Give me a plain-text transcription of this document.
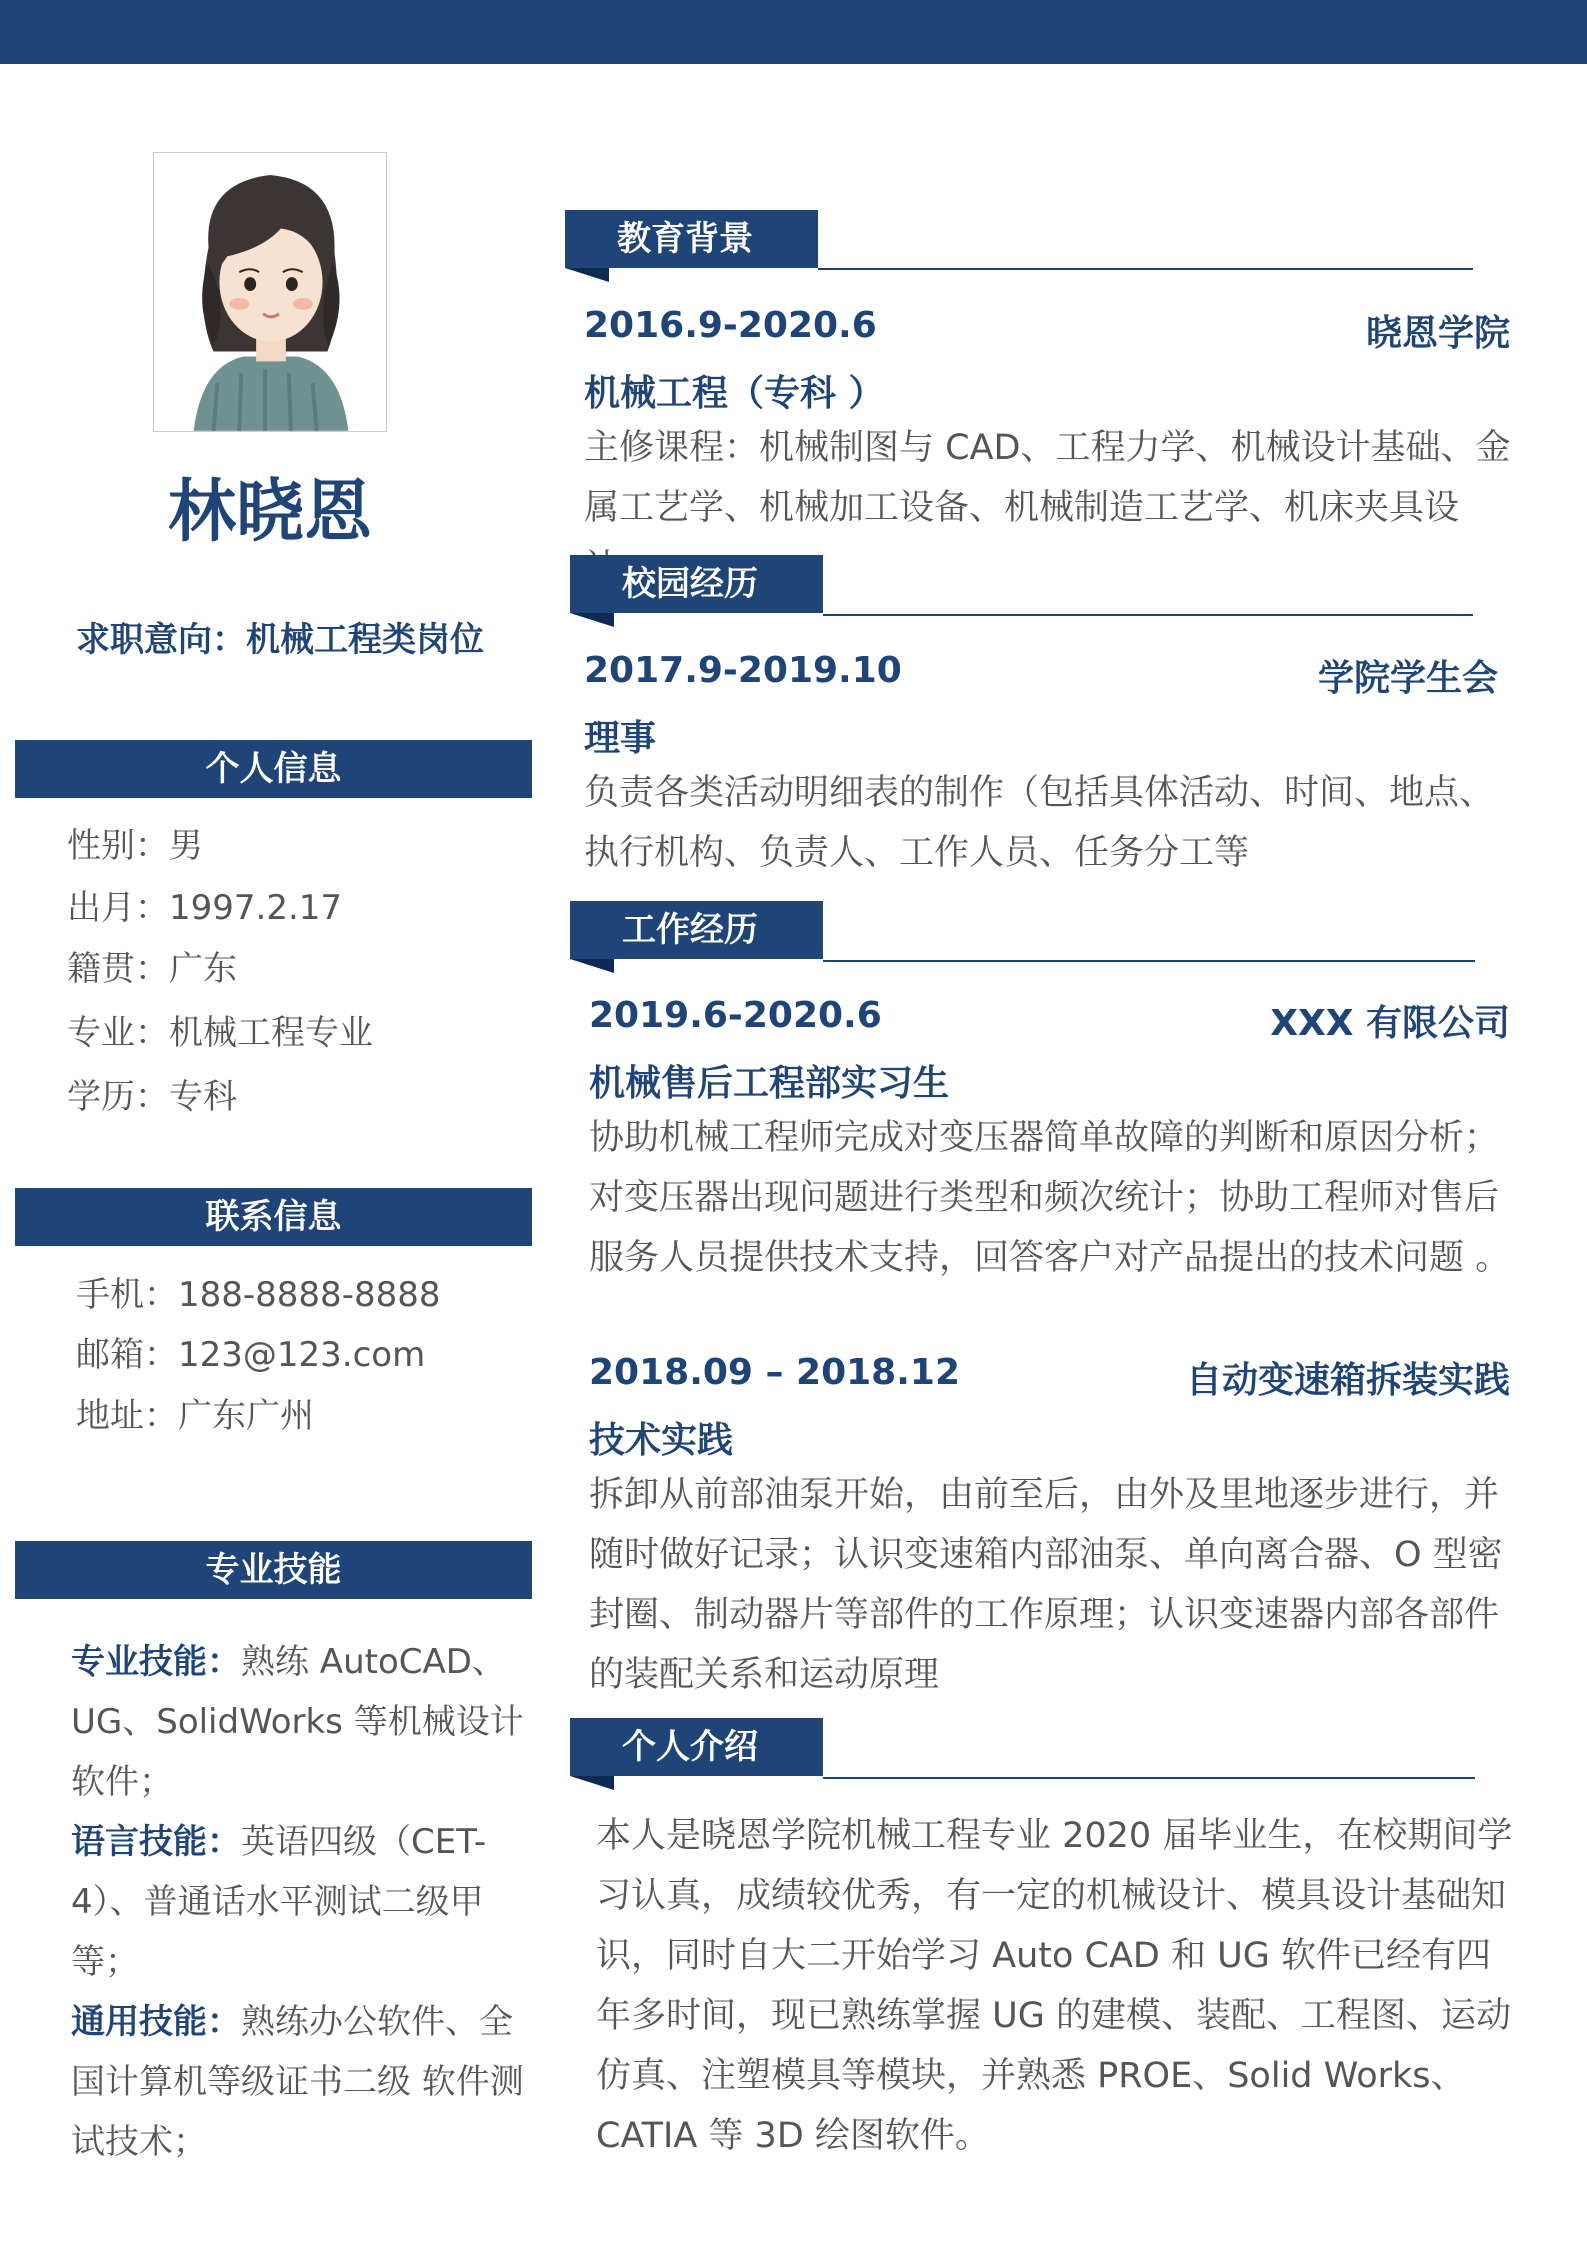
林晓恩
求职意向：机械工程类岗位
个人信息
性别：男
出月：1997.2.17
籍贯：广东
专业：机械工程专业
学历：专科
联系信息
手机：188-8888-8888
邮箱：123@123.com
地址：广东广州
专业技能

专业技能：熟练 AutoCAD、UG、SolidWorks 等机械设计软件；

语言技能：英语四级（CET-4）、普通话水平测试二级甲等；

通用技能：熟练办公软件、全国计算机等级证书二级 软件测试技术；

教育背景
2016.9-2020.6	晓恩学院
机械工程（专科 ）
主修课程：机械制图与 CAD、工程力学、机械设计基础、金属工艺学、机械加工设备、机械制造工艺学、机床夹具设
校园经历
2017.9-2019.10	学院学生会
理事
负责各类活动明细表的制作（包括具体活动、时间、地点、执行机构、负责人、工作人员、任务分工等
工作经历
2019.6-2020.6	XXX 有限公司
机械售后工程部实习生
协助机械工程师完成对变压器简单故障的判断和原因分析；对变压器出现问题进行类型和频次统计；协助工程师对售后服务人员提供技术支持，回答客户对产品提出的技术问题 。
2018.09 – 2018.12	自动变速箱拆装实践
技术实践
拆卸从前部油泵开始，由前至后，由外及里地逐步进行，并随时做好记录；认识变速箱内部油泵、单向离合器、O 型密封圈、制动器片等部件的工作原理；认识变速器内部各部件的装配关系和运动原理
个人介绍
本人是晓恩学院机械工程专业 2020 届毕业生，在校期间学习认真，成绩较优秀，有一定的机械设计、模具设计基础知识，同时自大二开始学习 Auto CAD 和 UG 软件已经有四年多时间，现已熟练掌握 UG 的建模、装配、工程图、运动仿真、注塑模具等模块，并熟悉 PROE、Solid Works、CATIA 等 3D 绘图软件。
